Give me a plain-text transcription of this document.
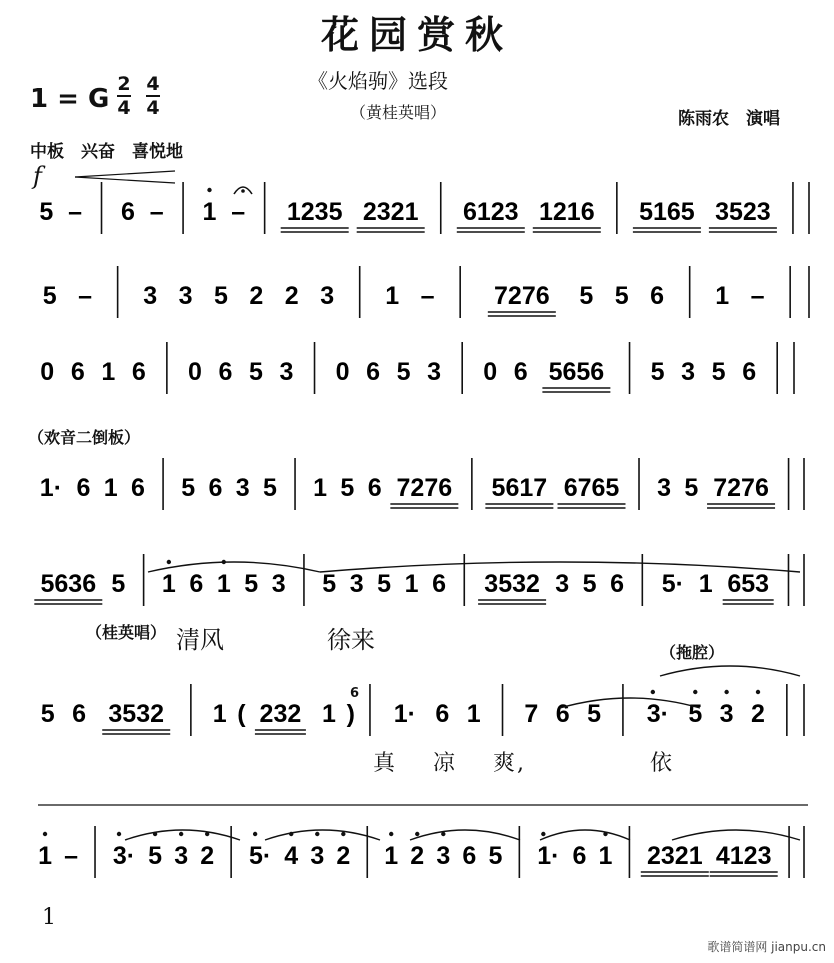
花园赏秋
1 = G 2
4
4
4
《火焰驹》选段
（黄桂英唱）	陈雨农　演唱
中板　兴奋　喜悦地
f
（欢音二倒板）
（桂英唱）
（拖腔）
清风	徐来
真 凉 爽,	依
6
1
歌谱简谱网 jianpu.cn
5 – 6 – 1 – 1235 2321 6123 1216 5165 3523
5 – 3 3 5 2 2 3 1 – 7276 5 5 6 1 –
0 6 1 6 0 6 5 3 0 6 5 3 0 6 5656 5 3 5 6
1· 6 1 6 5 6 3 5 1 5 6 7276 5617 6765 3 5 7276
5636 5 1 6 1 5 3 5 3 5 1 6 3532 3 5 6 5· 1 653
5 6 3532 1 ( 232 1 ) 1· 6 1 7 6 5 3· 5 3 2
1 – 3· 5 3 2 5· 4 3 2 1 2 3 6 5 1· 6 1 2321 4123
